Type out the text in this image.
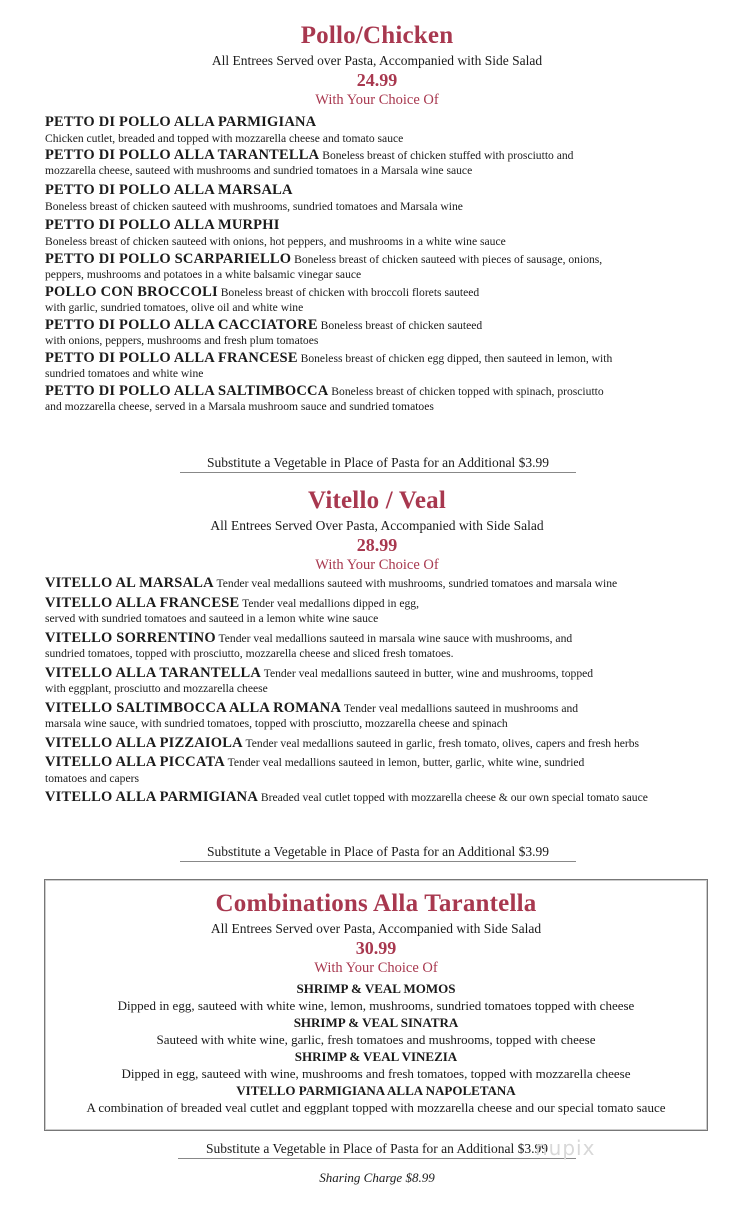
Pollo/Chicken
All Entrees Served over Pasta, Accompanied with Side Salad
24.99
With Your Choice Of

PETTO DI POLLO ALLA PARMIGIANA
Chicken cutlet, breaded and topped with mozzarella cheese and tomato sauce

PETTO DI POLLO ALLA TARANTELLA Boneless breast of chicken stuffed with prosciutto and mozzarella cheese, sauteed with mushrooms and sundried tomatoes in a Marsala wine sauce

PETTO DI POLLO ALLA MARSALA
Boneless breast of chicken sauteed with mushrooms, sundried tomatoes and Marsala wine

PETTO DI POLLO ALLA MURPHI
Boneless breast of chicken sauteed with onions, hot peppers, and mushrooms in a white wine sauce

PETTO DI POLLO SCARPARIELLO Boneless breast of chicken sauteed with pieces of sausage, onions, peppers, mushrooms and potatoes in a white balsamic vinegar sauce

POLLO CON BROCCOLI Boneless breast of chicken with broccoli florets sauteed with garlic, sundried tomatoes, olive oil and white wine

PETTO DI POLLO ALLA CACCIATORE Boneless breast of chicken sauteed with onions, peppers, mushrooms and fresh plum tomatoes

PETTO DI POLLO ALLA FRANCESE Boneless breast of chicken egg dipped, then sauteed in lemon, with sundried tomatoes and white wine

PETTO DI POLLO ALLA SALTIMBOCCA Boneless breast of chicken topped with spinach, prosciutto and mozzarella cheese, served in a Marsala mushroom sauce and sundried tomatoes

Substitute a Vegetable in Place of Pasta for an Additional $3.99
Vitello / Veal
All Entrees Served Over Pasta, Accompanied with Side Salad
28.99
With Your Choice Of

VITELLO AL MARSALA Tender veal medallions sauteed with mushrooms, sundried tomatoes and marsala wine

VITELLO ALLA FRANCESE Tender veal medallions dipped in egg, served with sundried tomatoes and sauteed in a lemon white wine sauce

VITELLO SORRENTINO Tender veal medallions sauteed in marsala wine sauce with mushrooms, and sundried tomatoes, topped with prosciutto, mozzarella cheese and sliced fresh tomatoes.

VITELLO ALLA TARANTELLA Tender veal medallions sauteed in butter, wine and mushrooms, topped with eggplant, prosciutto and mozzarella cheese

VITELLO SALTIMBOCCA ALLA ROMANA Tender veal medallions sauteed in mushrooms and marsala wine sauce, with sundried tomatoes, topped with prosciutto, mozzarella cheese and spinach

VITELLO ALLA PIZZAIOLA Tender veal medallions sauteed in garlic, fresh tomato, olives, capers and fresh herbs

VITELLO ALLA PICCATA Tender veal medallions sauteed in lemon, butter, garlic, white wine, sundried tomatoes and capers

VITELLO ALLA PARMIGIANA Breaded veal cutlet topped with mozzarella cheese & our own special tomato sauce

Substitute a Vegetable in Place of Pasta for an Additional $3.99
Combinations Alla Tarantella
All Entrees Served over Pasta, Accompanied with Side Salad
30.99
With Your Choice Of
SHRIMP & VEAL MOMOS
Dipped in egg, sauteed with white wine, lemon, mushrooms, sundried tomatoes topped with cheese
SHRIMP & VEAL SINATRA
Sauteed with white wine, garlic, fresh tomatoes and mushrooms, topped with cheese
SHRIMP & VEAL VINEZIA
Dipped in egg, sauteed with wine, mushrooms and fresh tomatoes, topped with mozzarella cheese
VITELLO PARMIGIANA ALLA NAPOLETANA
A combination of breaded veal cutlet and eggplant topped with mozzarella cheese and our special tomato sauce
Substitute a Vegetable in Place of Pasta for an Additional $3.99
Sharing Charge $8.99
nupix
